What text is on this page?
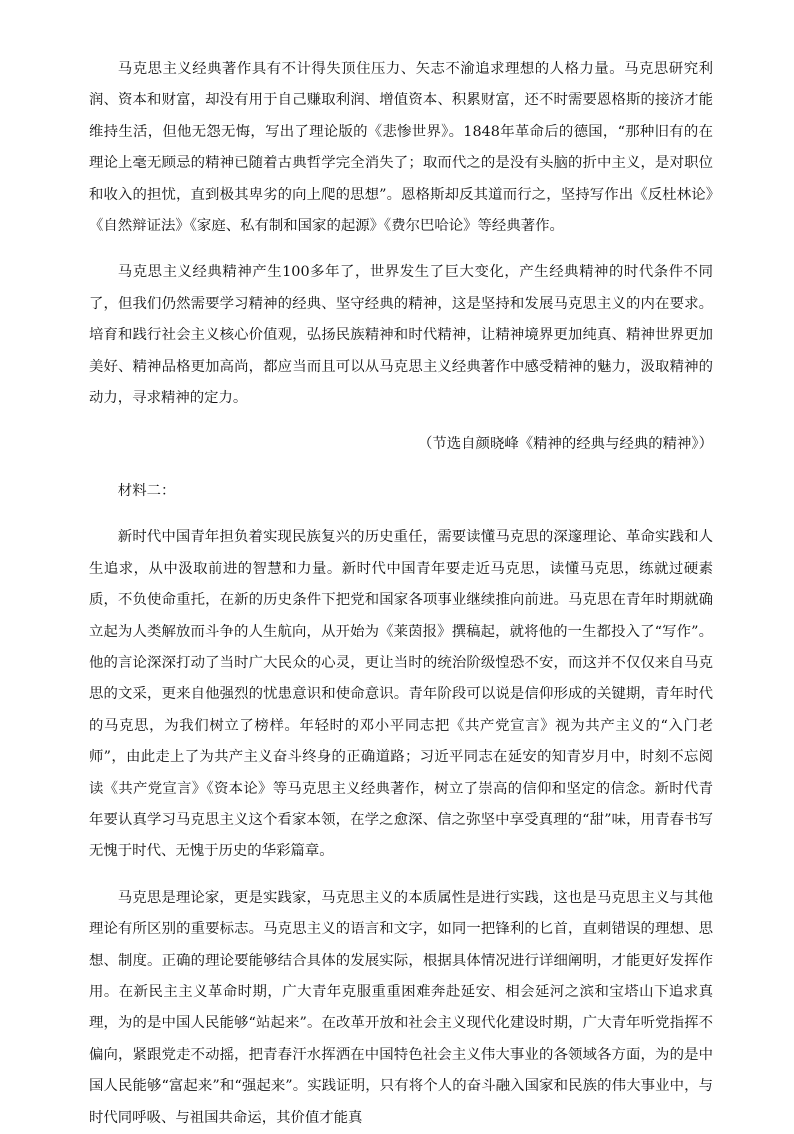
马克思主义经典著作具有不计得失顶住压力、矢志不渝追求理想的人格力量。马克思研究利润、资本和财富，却没有用于自己赚取利润、增值资本、积累财富，还不时需要恩格斯的接济才能维持生活，但他无怨无悔，写出了理论版的《悲惨世界》。1848年革命后的德国，“那种旧有的在理论上毫无顾忌的精神已随着古典哲学完全消失了；取而代之的是没有头脑的折中主义，是对职位和收入的担忧，直到极其卑劣的向上爬的思想”。恩格斯却反其道而行之，坚持写作出《反杜林论》《自然辩证法》《家庭、私有制和国家的起源》《费尔巴哈论》等经典著作。

马克思主义经典精神产生100多年了，世界发生了巨大变化，产生经典精神的时代条件不同了，但我们仍然需要学习精神的经典、坚守经典的精神，这是坚持和发展马克思主义的内在要求。培育和践行社会主义核心价值观，弘扬民族精神和时代精神，让精神境界更加纯真、精神世界更加美好、精神品格更加高尚，都应当而且可以从马克思主义经典著作中感受精神的魅力，汲取精神的动力，寻求精神的定力。

（节选自颜晓峰《精神的经典与经典的精神》）

材料二：

新时代中国青年担负着实现民族复兴的历史重任，需要读懂马克思的深邃理论、革命实践和人生追求，从中汲取前进的智慧和力量。新时代中国青年要走近马克思，读懂马克思，练就过硬素质，不负使命重托，在新的历史条件下把党和国家各项事业继续推向前进。马克思在青年时期就确立起为人类解放而斗争的人生航向，从开始为《莱茵报》撰稿起，就将他的一生都投入了“写作”。他的言论深深打动了当时广大民众的心灵，更让当时的统治阶级惶恐不安，而这并不仅仅来自马克思的文采，更来自他强烈的忧患意识和使命意识。青年阶段可以说是信仰形成的关键期，青年时代的马克思，为我们树立了榜样。年轻时的邓小平同志把《共产党宣言》视为共产主义的“入门老师”，由此走上了为共产主义奋斗终身的正确道路；习近平同志在延安的知青岁月中，时刻不忘阅读《共产党宣言》《资本论》等马克思主义经典著作，树立了崇高的信仰和坚定的信念。新时代青年要认真学习马克思主义这个看家本领，在学之愈深、信之弥坚中享受真理的“甜”味，用青春书写无愧于时代、无愧于历史的华彩篇章。

马克思是理论家，更是实践家，马克思主义的本质属性是进行实践，这也是马克思主义与其他理论有所区别的重要标志。马克思主义的语言和文字，如同一把锋利的匕首，直刺错误的理想、思想、制度。正确的理论要能够结合具体的发展实际，根据具体情况进行详细阐明，才能更好发挥作用。在新民主主义革命时期，广大青年克服重重困难奔赴延安、相会延河之滨和宝塔山下追求真理，为的是中国人民能够“站起来”。在改革开放和社会主义现代化建设时期，广大青年听党指挥不偏向，紧跟党走不动摇，把青春汗水挥洒在中国特色社会主义伟大事业的各领域各方面，为的是中国人民能够“富起来”和“强起来”。实践证明，只有将个人的奋斗融入国家和民族的伟大事业中，与时代同呼吸、与祖国共命运，其价值才能真
